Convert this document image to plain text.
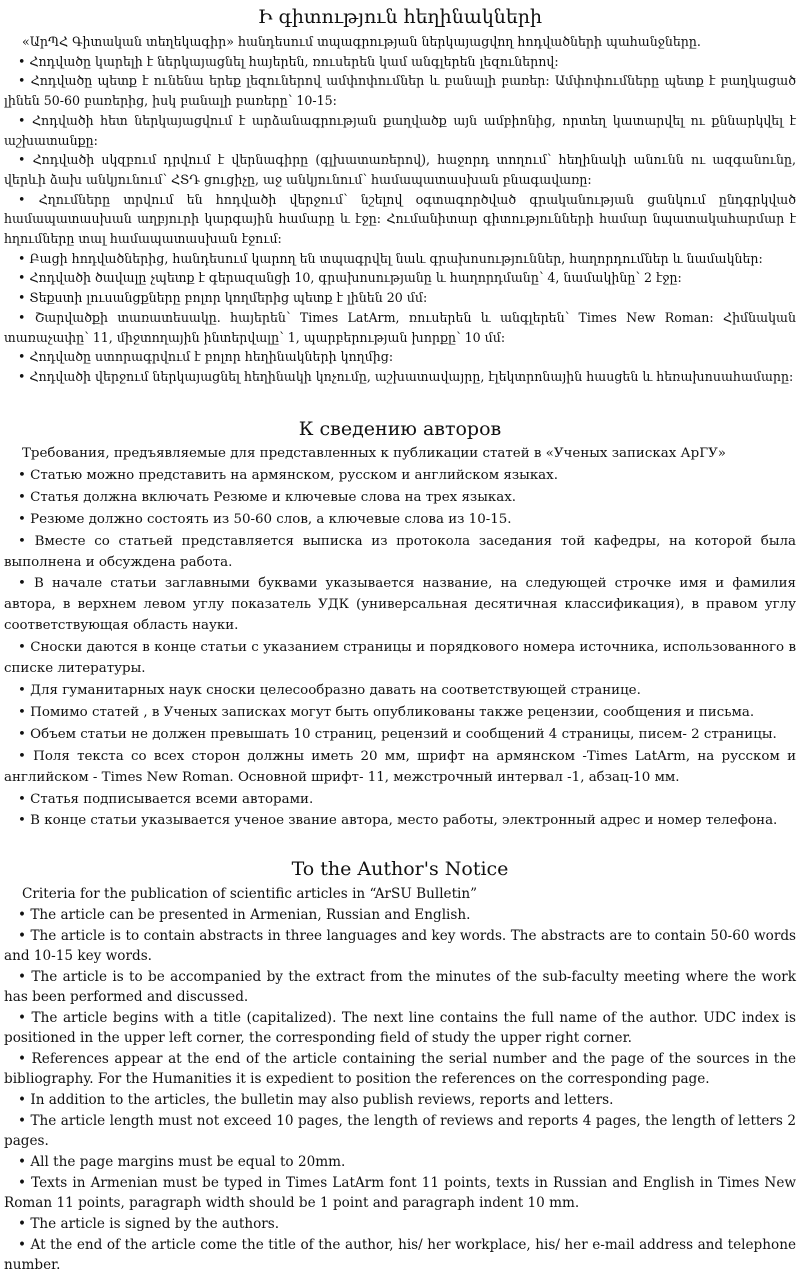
Ի գիտություն հեղինակների

«ԱրՊՀ Գիտական տեղեկագիր» հանդեսում տպագրության ներկայացվող հոդվածների պահանջները.

• Հոդվածը կարելի է ներկայացնել հայերեն, ռուսերեն կամ անգլերեն լեզուներով:

• Հոդվածը պետք է ունենա երեք լեզուներով ամփոփումներ և բանալի բառեր: Ամփոփումները պետք է բաղկացած լինեն 50-60 բառերից, իսկ բանալի բառերը՝ 10-15:

• Հոդվածի հետ ներկայացվում է արձանագրության քաղվածք այն ամբիոնից, որտեղ կատարվել ու քննարկվել է աշխատանքը:

• Հոդվածի սկզբում դրվում է վերնագիրը (գլխատառերով), հաջորդ տողում՝ հեղինակի անունն ու ազգանունը, վերևի ձախ անկյունում՝ ՀՏԴ ցուցիչը, աջ անկյունում՝ համապատասխան բնագավառը:

• Հղումները տրվում են հոդվածի վերջում՝ նշելով օգտագործված գրականության ցանկում ընդգրկված համապատասխան աղբյուրի կարգային համարը և էջը: Հումանիտար գիտությունների համար նպատակահարմար է հղումները տալ համապատասխան էջում:

• Բացի հոդվածներից, հանդեսում կարող են տպագրվել նաև գրախոսություններ, հաղորդումներ և նամակներ:

• Հոդվածի ծավալը չպետք է գերազանցի 10, գրախոսությանը և հաղորդմանը՝ 4, նամակինը՝ 2 էջը:

• Տեքստի լուսանցքները բոլոր կողմերից պետք է լինեն 20 մմ:

• Շարվածքի տառատեսակը. հայերեն՝ Times LatArm, ռուսերեն և անգլերեն՝ Times New Roman: Հիմնական տառաչափը՝ 11, միջտողային ինտերվալը՝ 1, պարբերության խորքը՝ 10 մմ:

• Հոդվածը ստորագրվում է բոլոր հեղինակների կողմից:

• Հոդվածի վերջում ներկայացնել հեղինակի կոչումը, աշխատավայրը, էլեկտրոնային հասցեն և հեռախոսահամարը:

К сведению авторов

Требования, предъявляемые для представленных к публикации статей в «Ученых записках АрГУ»

• Статью можно представить на армянском, русском и английском языках.

• Статья должна включать Резюме и ключевые слова на трех языках.

• Резюме должно состоять из 50-60 слов, а ключевые слова из 10-15.

• Вместе со статьей представляется выписка из протокола заседания той кафедры, на которой была выполнена и обсуждена работа.

• В начале статьи заглавными буквами указывается название, на следующей строчке имя и фамилия автора, в верхнем левом углу показатель УДК (универсальная десятичная классификация), в правом углу соответствующая область науки.

• Сноски даются в конце статьи с указанием страницы и порядкового номера источника, использованного в списке литературы.

• Для гуманитарных наук сноски целесообразно давать на соответствующей странице.

• Помимо статей , в Ученых записках могут быть опубликованы также рецензии, сообщения и письма.

• Объем статьи не должен превышать 10 страниц, рецензий и сообщений 4 страницы, писем- 2 страницы.

• Поля текста со всех сторон должны иметь 20 мм, шрифт на армянском -Times LatArm, на русском и английском - Times New Roman. Основной шрифт- 11, межстрочный интервал -1, абзац-10 мм.

• Статья подписывается всеми авторами.

• В конце статьи указывается ученое звание автора, место работы, электронный адрес и номер телефона.

To the Author's Notice

Criteria for the publication of scientific articles in “ArSU Bulletin”

• The article can be presented in Armenian, Russian and English.

• The article is to contain abstracts in three languages and key words. The abstracts are to contain 50-60 words and 10-15 key words.

• The article is to be accompanied by the extract from the minutes of the sub-faculty meeting where the work has been performed and discussed.

• The article begins with a title (capitalized). The next line contains the full name of the author. UDC index is positioned in the upper left corner, the corresponding field of study the upper right corner.

• References appear at the end of the article containing the serial number and the page of the sources in the bibliography. For the Humanities it is expedient to position the references on the corresponding page.

• In addition to the articles, the bulletin may also publish reviews, reports and letters.

• The article length must not exceed 10 pages, the length of reviews and reports 4 pages, the length of letters 2 pages.

• All the page margins must be equal to 20mm.

• Texts in Armenian must be typed in Times LatArm font 11 points, texts in Russian and English in Times New Roman 11 points, paragraph width should be 1 point and paragraph indent 10 mm.

• The article is signed by the authors.

• At the end of the article come the title of the author, his/ her workplace, his/ her e-mail address and telephone number.
